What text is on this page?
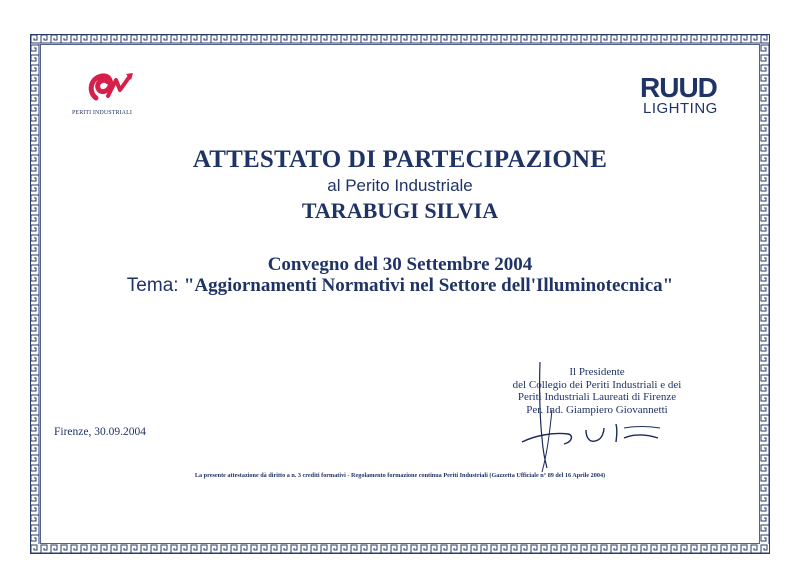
PERITI INDUSTRIALI
RUUD
LIGHTING
ATTESTATO DI PARTECIPAZIONE
al Perito Industriale
TARABUGI SILVIA
Convegno del 30 Settembre 2004
Tema: "Aggiornamenti Normativi nel Settore dell'Illuminotecnica"
Il Presidente
del Collegio dei Periti Industriali e dei
Periti Industriali Laureati di Firenze
Per. Ind. Giampiero Giovannetti
Firenze, 30.09.2004
La presente attestazione dà diritto a n. 3 crediti formativi - Regolamento formazione continua Periti Industriali (Gazzetta Ufficiale n° 89 del 16 Aprile 2004)
